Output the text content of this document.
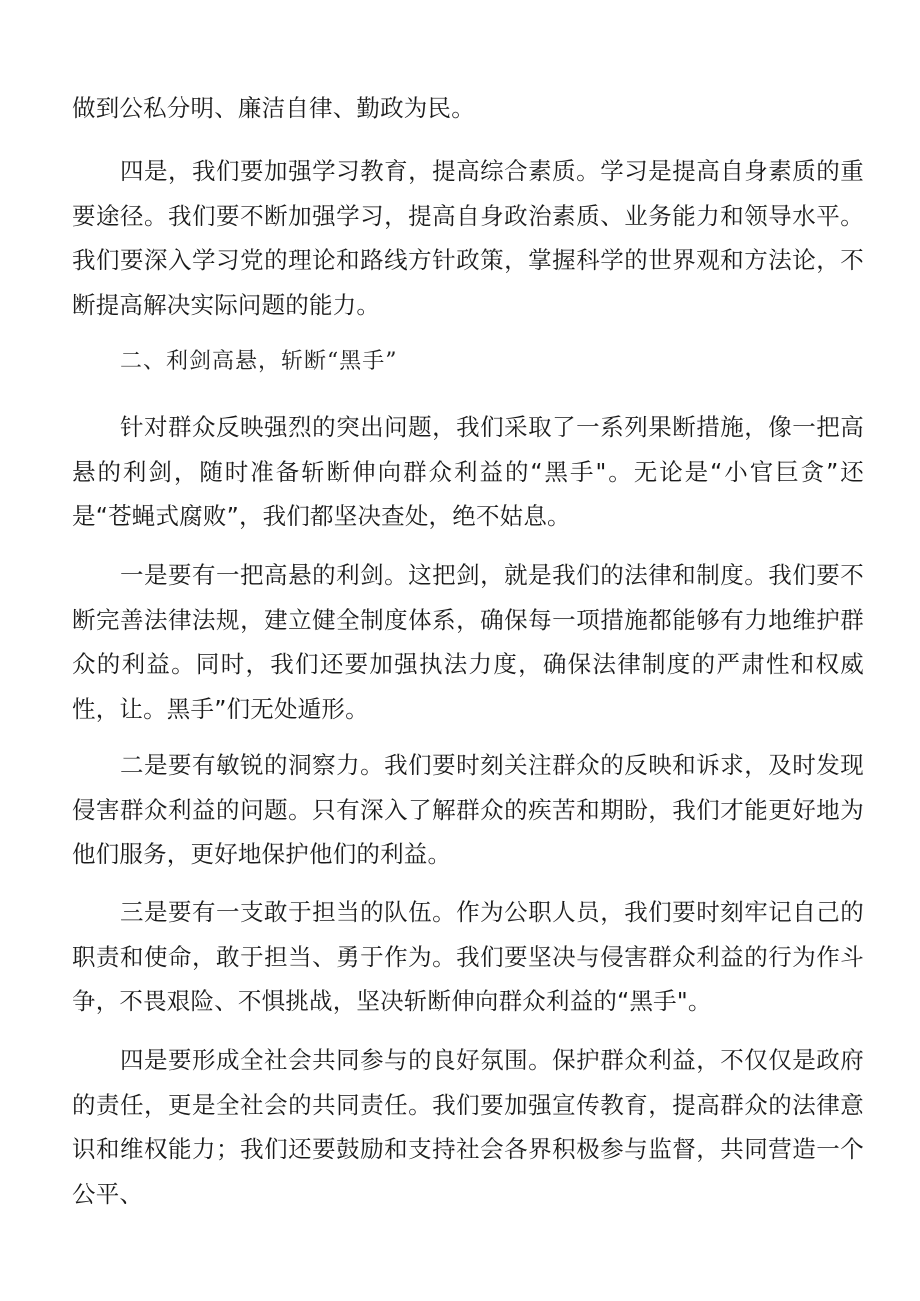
做到公私分明、廉洁自律、勤政为民。

四是，我们要加强学习教育，提高综合素质。学习是提高自身素质的重要途径。我们要不断加强学习，提高自身政治素质、业务能力和领导水平。我们要深入学习党的理论和路线方针政策，掌握科学的世界观和方法论，不断提高解决实际问题的能力。

二、利剑高悬，斩断“黑手”

针对群众反映强烈的突出问题，我们采取了一系列果断措施，像一把高悬的利剑，随时准备斩断伸向群众利益的“黑手"。无论是“小官巨贪”还是“苍蝇式腐败”，我们都坚决查处，绝不姑息。

一是要有一把高悬的利剑。这把剑，就是我们的法律和制度。我们要不断完善法律法规，建立健全制度体系，确保每一项措施都能够有力地维护群众的利益。同时，我们还要加强执法力度，确保法律制度的严肃性和权威性，让。黑手”们无处遁形。

二是要有敏锐的洞察力。我们要时刻关注群众的反映和诉求，及时发现侵害群众利益的问题。只有深入了解群众的疾苦和期盼，我们才能更好地为他们服务，更好地保护他们的利益。

三是要有一支敢于担当的队伍。作为公职人员，我们要时刻牢记自己的职责和使命，敢于担当、勇于作为。我们要坚决与侵害群众利益的行为作斗争，不畏艰险、不惧挑战，坚决斩断伸向群众利益的“黑手"。

四是要形成全社会共同参与的良好氛围。保护群众利益，不仅仅是政府的责任，更是全社会的共同责任。我们要加强宣传教育，提高群众的法律意识和维权能力；我们还要鼓励和支持社会各界积极参与监督，共同营造一个公平、
